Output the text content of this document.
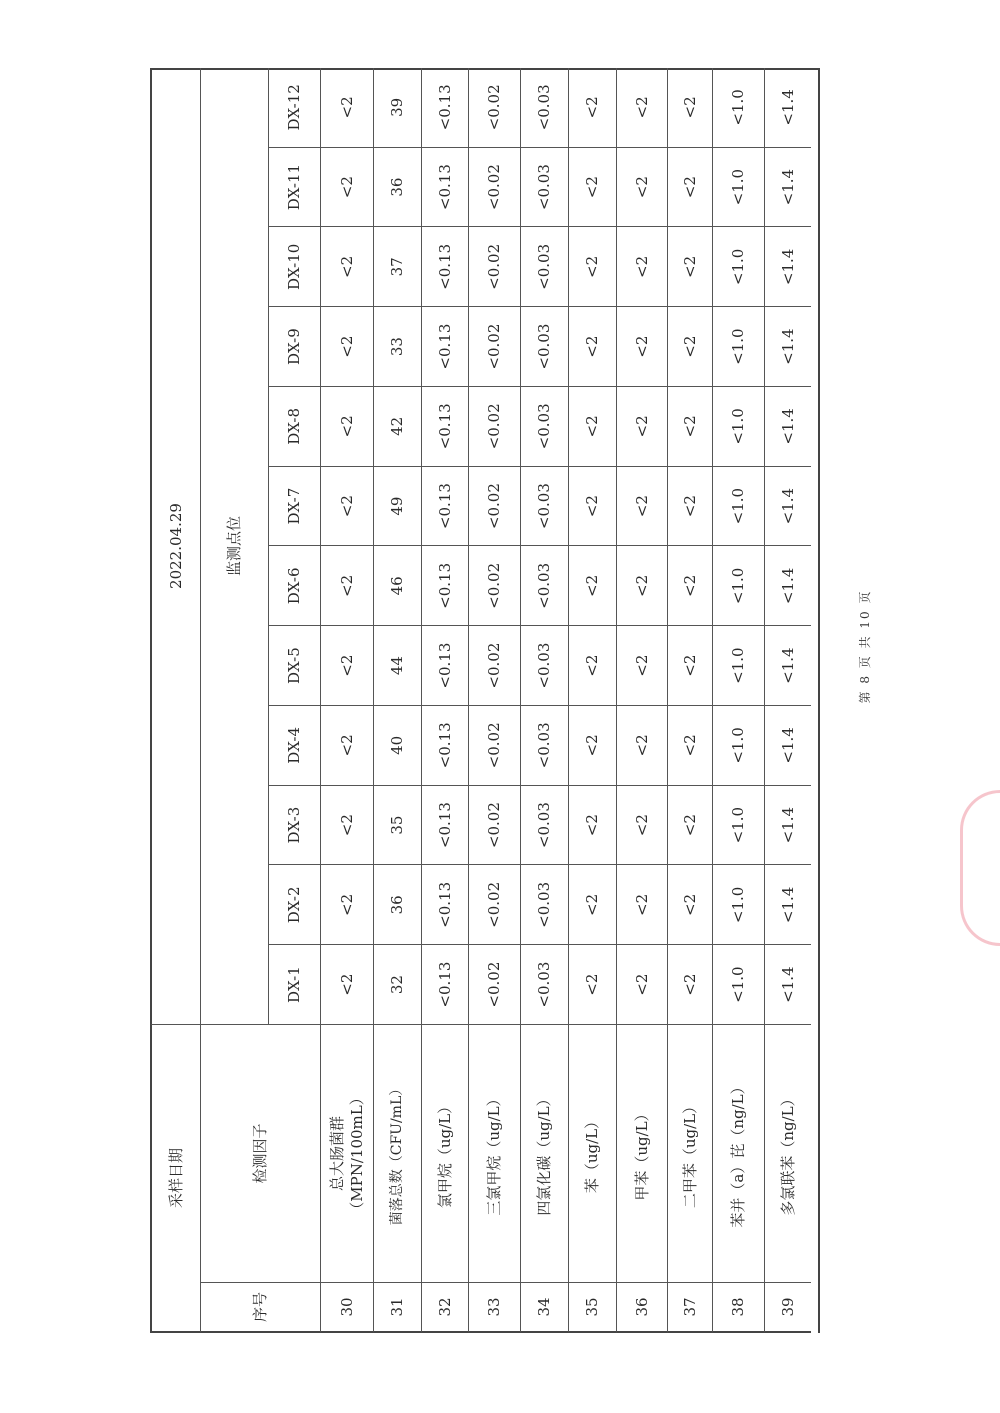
采样日期
2022.04.29
序号
检测因子
监测点位
DX-1
DX-2
DX-3
DX-4
DX-5
DX-6
DX-7
DX-8
DX-9
DX-10
DX-11
DX-12
30
总大肠菌群
（MPN/100mL）
<2
<2
<2
<2
<2
<2
<2
<2
<2
<2
<2
<2
31
菌落总数（CFU/mL）
32
36
35
40
44
46
49
42
33
37
36
39
32
氯甲烷（ug/L）
<0.13
<0.13
<0.13
<0.13
<0.13
<0.13
<0.13
<0.13
<0.13
<0.13
<0.13
<0.13
33
三氯甲烷（ug/L）
<0.02
<0.02
<0.02
<0.02
<0.02
<0.02
<0.02
<0.02
<0.02
<0.02
<0.02
<0.02
34
四氯化碳（ug/L）
<0.03
<0.03
<0.03
<0.03
<0.03
<0.03
<0.03
<0.03
<0.03
<0.03
<0.03
<0.03
35
苯（ug/L）
<2
<2
<2
<2
<2
<2
<2
<2
<2
<2
<2
<2
36
甲苯（ug/L）
<2
<2
<2
<2
<2
<2
<2
<2
<2
<2
<2
<2
37
二甲苯（ug/L）
<2
<2
<2
<2
<2
<2
<2
<2
<2
<2
<2
<2
38
苯并（a）芘（ng/L）
<1.0
<1.0
<1.0
<1.0
<1.0
<1.0
<1.0
<1.0
<1.0
<1.0
<1.0
<1.0
39
多氯联苯（ng/L）
<1.4
<1.4
<1.4
<1.4
<1.4
<1.4
<1.4
<1.4
<1.4
<1.4
<1.4
<1.4
第 8 页 共 10 页
